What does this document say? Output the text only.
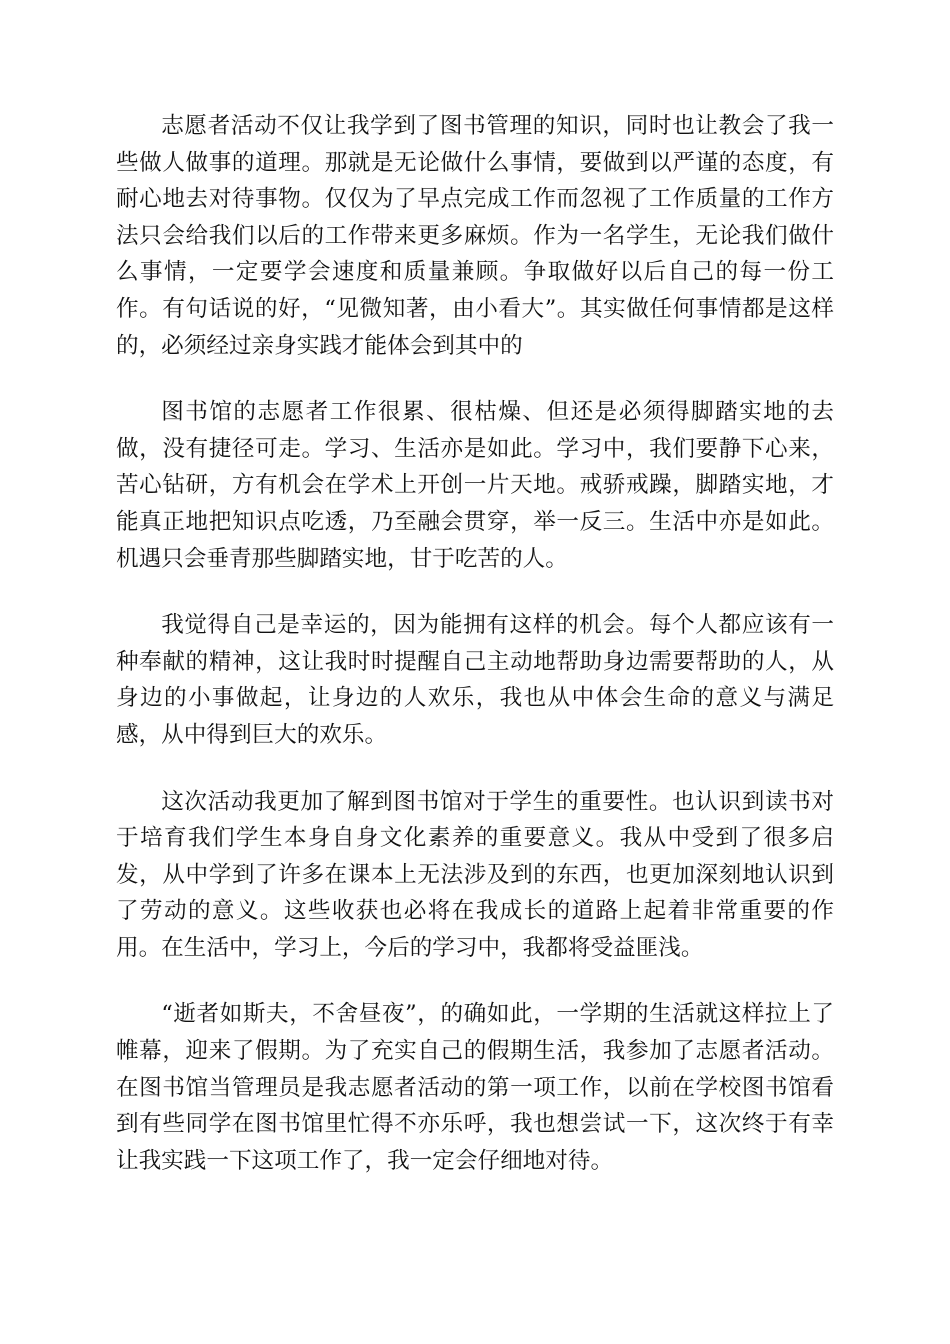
志愿者活动不仅让我学到了图书管理的知识，同时也让教会了我一些做人做事的道理。那就是无论做什么事情，要做到以严谨的态度，有耐心地去对待事物。仅仅为了早点完成工作而忽视了工作质量的工作方法只会给我们以后的工作带来更多麻烦。作为一名学生，无论我们做什么事情，一定要学会速度和质量兼顾。争取做好以后自己的每一份工作。有句话说的好，“见微知著，由小看大”。其实做任何事情都是这样的，必须经过亲身实践才能体会到其中的

图书馆的志愿者工作很累、很枯燥、但还是必须得脚踏实地的去做，没有捷径可走。学习、生活亦是如此。学习中，我们要静下心来，苦心钻研，方有机会在学术上开创一片天地。戒骄戒躁，脚踏实地，才能真正地把知识点吃透，乃至融会贯穿，举一反三。生活中亦是如此。机遇只会垂青那些脚踏实地，甘于吃苦的人。

我觉得自己是幸运的，因为能拥有这样的机会。每个人都应该有一种奉献的精神，这让我时时提醒自己主动地帮助身边需要帮助的人，从身边的小事做起，让身边的人欢乐，我也从中体会生命的意义与满足感，从中得到巨大的欢乐。

这次活动我更加了解到图书馆对于学生的重要性。也认识到读书对于培育我们学生本身自身文化素养的重要意义。我从中受到了很多启发，从中学到了许多在课本上无法涉及到的东西，也更加深刻地认识到了劳动的意义。这些收获也必将在我成长的道路上起着非常重要的作用。在生活中，学习上，今后的学习中，我都将受益匪浅。

“逝者如斯夫，不舍昼夜”，的确如此，一学期的生活就这样拉上了帷幕，迎来了假期。为了充实自己的假期生活，我参加了志愿者活动。在图书馆当管理员是我志愿者活动的第一项工作，以前在学校图书馆看到有些同学在图书馆里忙得不亦乐呼，我也想尝试一下，这次终于有幸让我实践一下这项工作了，我一定会仔细地对待。
